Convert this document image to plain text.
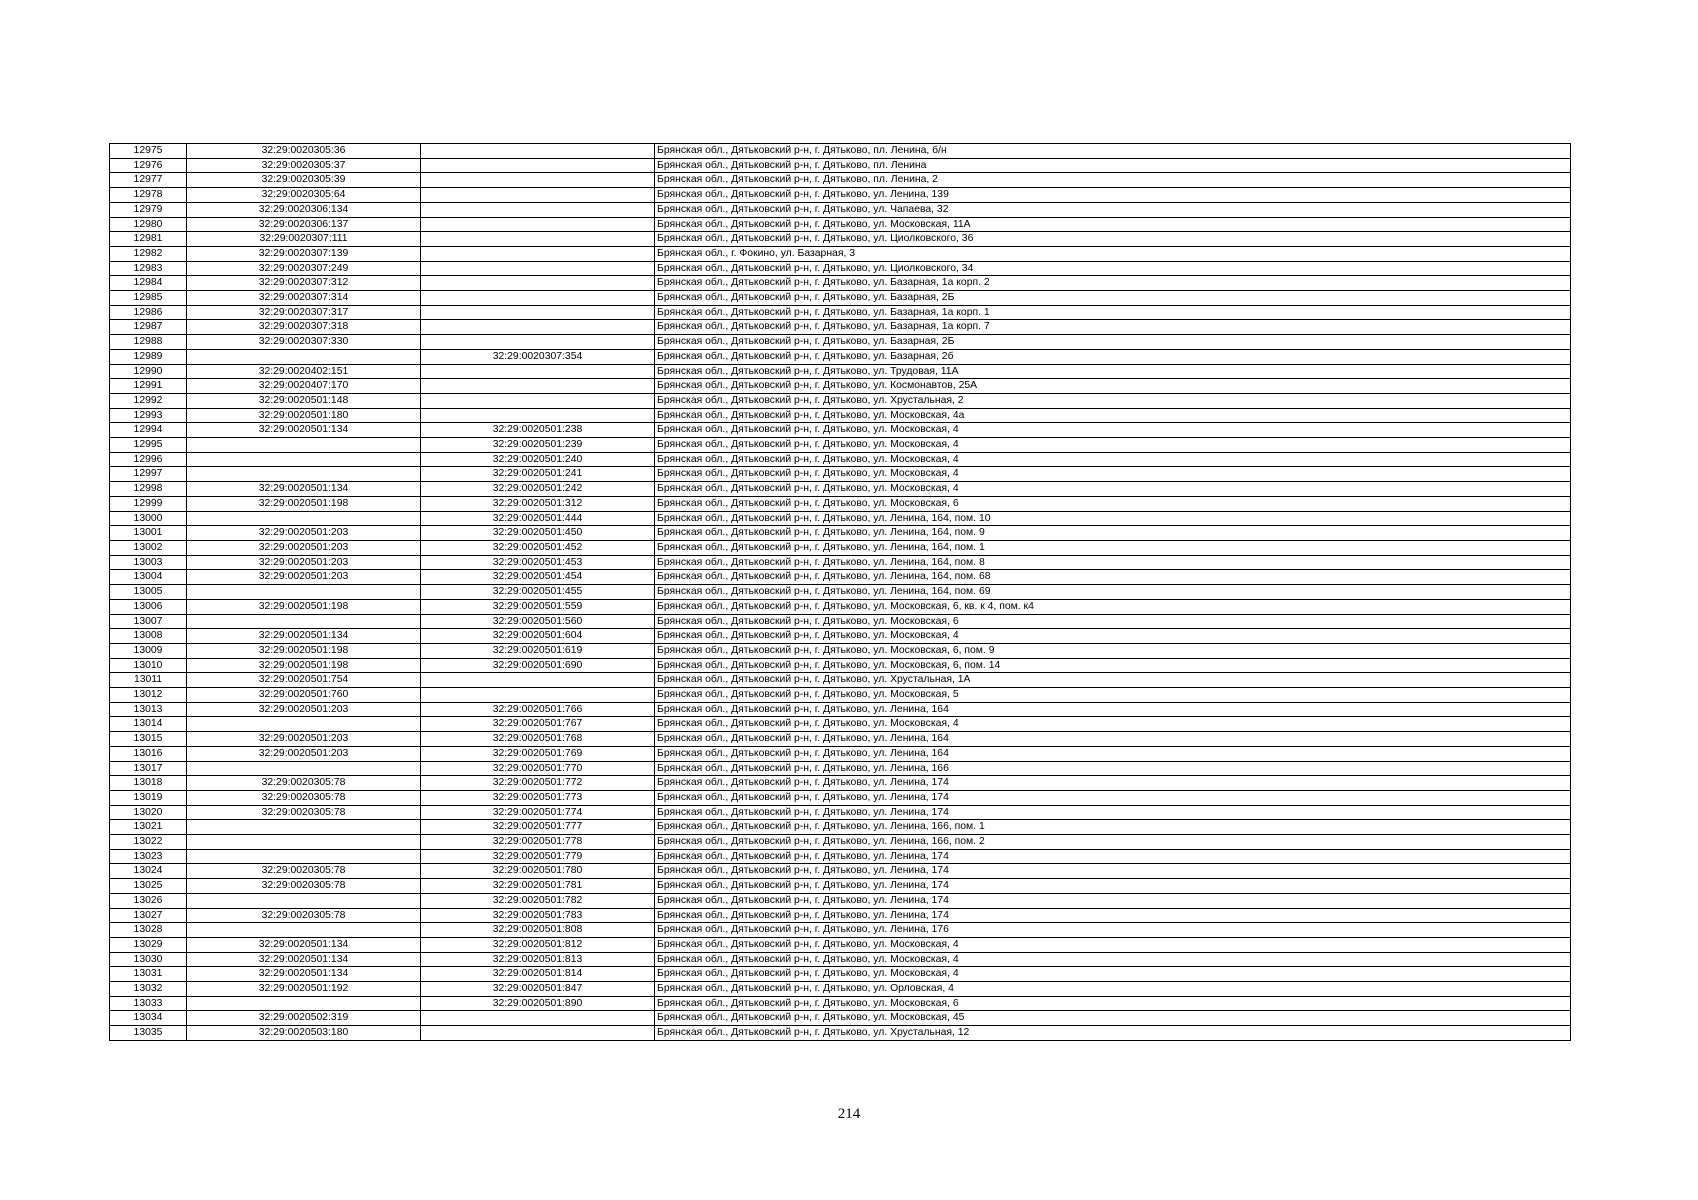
12975	32:29:0020305:36		Брянская обл., Дятьковский р-н, г. Дятьково, пл. Ленина, б/н
12976	32:29:0020305:37		Брянская обл., Дятьковский р-н, г. Дятьково, пл. Ленина
12977	32:29:0020305:39		Брянская обл., Дятьковский р-н, г. Дятьково, пл. Ленина, 2
12978	32:29:0020305:64		Брянская обл., Дятьковский р-н, г. Дятьково, ул. Ленина, 139
12979	32:29:0020306:134		Брянская обл., Дятьковский р-н, г. Дятьково, ул. Чапаева, 32
12980	32:29:0020306:137		Брянская обл., Дятьковский р-н, г. Дятьково, ул. Московская, 11А
12981	32:29:0020307:111		Брянская обл., Дятьковский р-н, г. Дятьково, ул. Циолковского, 36
12982	32:29:0020307:139		Брянская обл., г. Фокино, ул. Базарная, 3
12983	32:29:0020307:249		Брянская обл., Дятьковский р-н, г. Дятьково, ул. Циолковского, 34
12984	32:29:0020307:312		Брянская обл., Дятьковский р-н, г. Дятьково, ул. Базарная, 1а корп. 2
12985	32:29:0020307:314		Брянская обл., Дятьковский р-н, г. Дятьково, ул. Базарная, 2Б
12986	32:29:0020307:317		Брянская обл., Дятьковский р-н, г. Дятьково, ул. Базарная, 1а корп. 1
12987	32:29:0020307:318		Брянская обл., Дятьковский р-н, г. Дятьково, ул. Базарная, 1а корп. 7
12988	32:29:0020307:330		Брянская обл., Дятьковский р-н, г. Дятьково, ул. Базарная, 2Б
12989		32:29:0020307:354	Брянская обл., Дятьковский р-н, г. Дятьково, ул. Базарная, 2б
12990	32:29:0020402:151		Брянская обл., Дятьковский р-н, г. Дятьково, ул. Трудовая, 11А
12991	32:29:0020407:170		Брянская обл., Дятьковский р-н, г. Дятьково, ул. Космонавтов, 25А
12992	32:29:0020501:148		Брянская обл., Дятьковский р-н, г. Дятьково, ул. Хрустальная, 2
12993	32:29:0020501:180		Брянская обл., Дятьковский р-н, г. Дятьково, ул. Московская, 4а
12994	32:29:0020501:134	32:29:0020501:238	Брянская обл., Дятьковский р-н, г. Дятьково, ул. Московская, 4
12995		32:29:0020501:239	Брянская обл., Дятьковский р-н, г. Дятьково, ул. Московская, 4
12996		32:29:0020501:240	Брянская обл., Дятьковский р-н, г. Дятьково, ул. Московская, 4
12997		32:29:0020501:241	Брянская обл., Дятьковский р-н, г. Дятьково, ул. Московская, 4
12998	32:29:0020501:134	32:29:0020501:242	Брянская обл., Дятьковский р-н, г. Дятьково, ул. Московская, 4
12999	32:29:0020501:198	32:29:0020501:312	Брянская обл., Дятьковский р-н, г. Дятьково, ул. Московская, 6
13000		32:29:0020501:444	Брянская обл., Дятьковский р-н, г. Дятьково, ул. Ленина, 164, пом. 10
13001	32:29:0020501:203	32:29:0020501:450	Брянская обл., Дятьковский р-н, г. Дятьково, ул. Ленина, 164, пом. 9
13002	32:29:0020501:203	32:29:0020501:452	Брянская обл., Дятьковский р-н, г. Дятьково, ул. Ленина, 164, пом. 1
13003	32:29:0020501:203	32:29:0020501:453	Брянская обл., Дятьковский р-н, г. Дятьково, ул. Ленина, 164, пом. 8
13004	32:29:0020501:203	32:29:0020501:454	Брянская обл., Дятьковский р-н, г. Дятьково, ул. Ленина, 164, пом. 68
13005		32:29:0020501:455	Брянская обл., Дятьковский р-н, г. Дятьково, ул. Ленина, 164, пом. 69
13006	32:29:0020501:198	32:29:0020501:559	Брянская обл., Дятьковский р-н, г. Дятьково, ул. Московская, 6, кв. к 4, пом. к4
13007		32:29:0020501:560	Брянская обл., Дятьковский р-н, г. Дятьково, ул. Московская, 6
13008	32:29:0020501:134	32:29:0020501:604	Брянская обл., Дятьковский р-н, г. Дятьково, ул. Московская, 4
13009	32:29:0020501:198	32:29:0020501:619	Брянская обл., Дятьковский р-н, г. Дятьково, ул. Московская, 6, пом. 9
13010	32:29:0020501:198	32:29:0020501:690	Брянская обл., Дятьковский р-н, г. Дятьково, ул. Московская, 6, пом. 14
13011	32:29:0020501:754		Брянская обл., Дятьковский р-н, г. Дятьково, ул. Хрустальная, 1А
13012	32:29:0020501:760		Брянская обл., Дятьковский р-н, г. Дятьково, ул. Московская, 5
13013	32:29:0020501:203	32:29:0020501:766	Брянская обл., Дятьковский р-н, г. Дятьково, ул. Ленина, 164
13014		32:29:0020501:767	Брянская обл., Дятьковский р-н, г. Дятьково, ул. Московская, 4
13015	32:29:0020501:203	32:29:0020501:768	Брянская обл., Дятьковский р-н, г. Дятьково, ул. Ленина, 164
13016	32:29:0020501:203	32:29:0020501:769	Брянская обл., Дятьковский р-н, г. Дятьково, ул. Ленина, 164
13017		32:29:0020501:770	Брянская обл., Дятьковский р-н, г. Дятьково, ул. Ленина, 166
13018	32:29:0020305:78	32:29:0020501:772	Брянская обл., Дятьковский р-н, г. Дятьково, ул. Ленина, 174
13019	32:29:0020305:78	32:29:0020501:773	Брянская обл., Дятьковский р-н, г. Дятьково, ул. Ленина, 174
13020	32:29:0020305:78	32:29:0020501:774	Брянская обл., Дятьковский р-н, г. Дятьково, ул. Ленина, 174
13021		32:29:0020501:777	Брянская обл., Дятьковский р-н, г. Дятьково, ул. Ленина, 166, пом. 1
13022		32:29:0020501:778	Брянская обл., Дятьковский р-н, г. Дятьково, ул. Ленина, 166, пом. 2
13023		32:29:0020501:779	Брянская обл., Дятьковский р-н, г. Дятьково, ул. Ленина, 174
13024	32:29:0020305:78	32:29:0020501:780	Брянская обл., Дятьковский р-н, г. Дятьково, ул. Ленина, 174
13025	32:29:0020305:78	32:29:0020501:781	Брянская обл., Дятьковский р-н, г. Дятьково, ул. Ленина, 174
13026		32:29:0020501:782	Брянская обл., Дятьковский р-н, г. Дятьково, ул. Ленина, 174
13027	32:29:0020305:78	32:29:0020501:783	Брянская обл., Дятьковский р-н, г. Дятьково, ул. Ленина, 174
13028		32:29:0020501:808	Брянская обл., Дятьковский р-н, г. Дятьково, ул. Ленина, 176
13029	32:29:0020501:134	32:29:0020501:812	Брянская обл., Дятьковский р-н, г. Дятьково, ул. Московская, 4
13030	32:29:0020501:134	32:29:0020501:813	Брянская обл., Дятьковский р-н, г. Дятьково, ул. Московская, 4
13031	32:29:0020501:134	32:29:0020501:814	Брянская обл., Дятьковский р-н, г. Дятьково, ул. Московская, 4
13032	32:29:0020501:192	32:29:0020501:847	Брянская обл., Дятьковский р-н, г. Дятьково, ул. Орловская, 4
13033		32:29:0020501:890	Брянская обл., Дятьковский р-н, г. Дятьково, ул. Московская, 6
13034	32:29:0020502:319		Брянская обл., Дятьковский р-н, г. Дятьково, ул. Московская, 45
13035	32:29:0020503:180		Брянская обл., Дятьковский р-н, г. Дятьково, ул. Хрустальная, 12
214
